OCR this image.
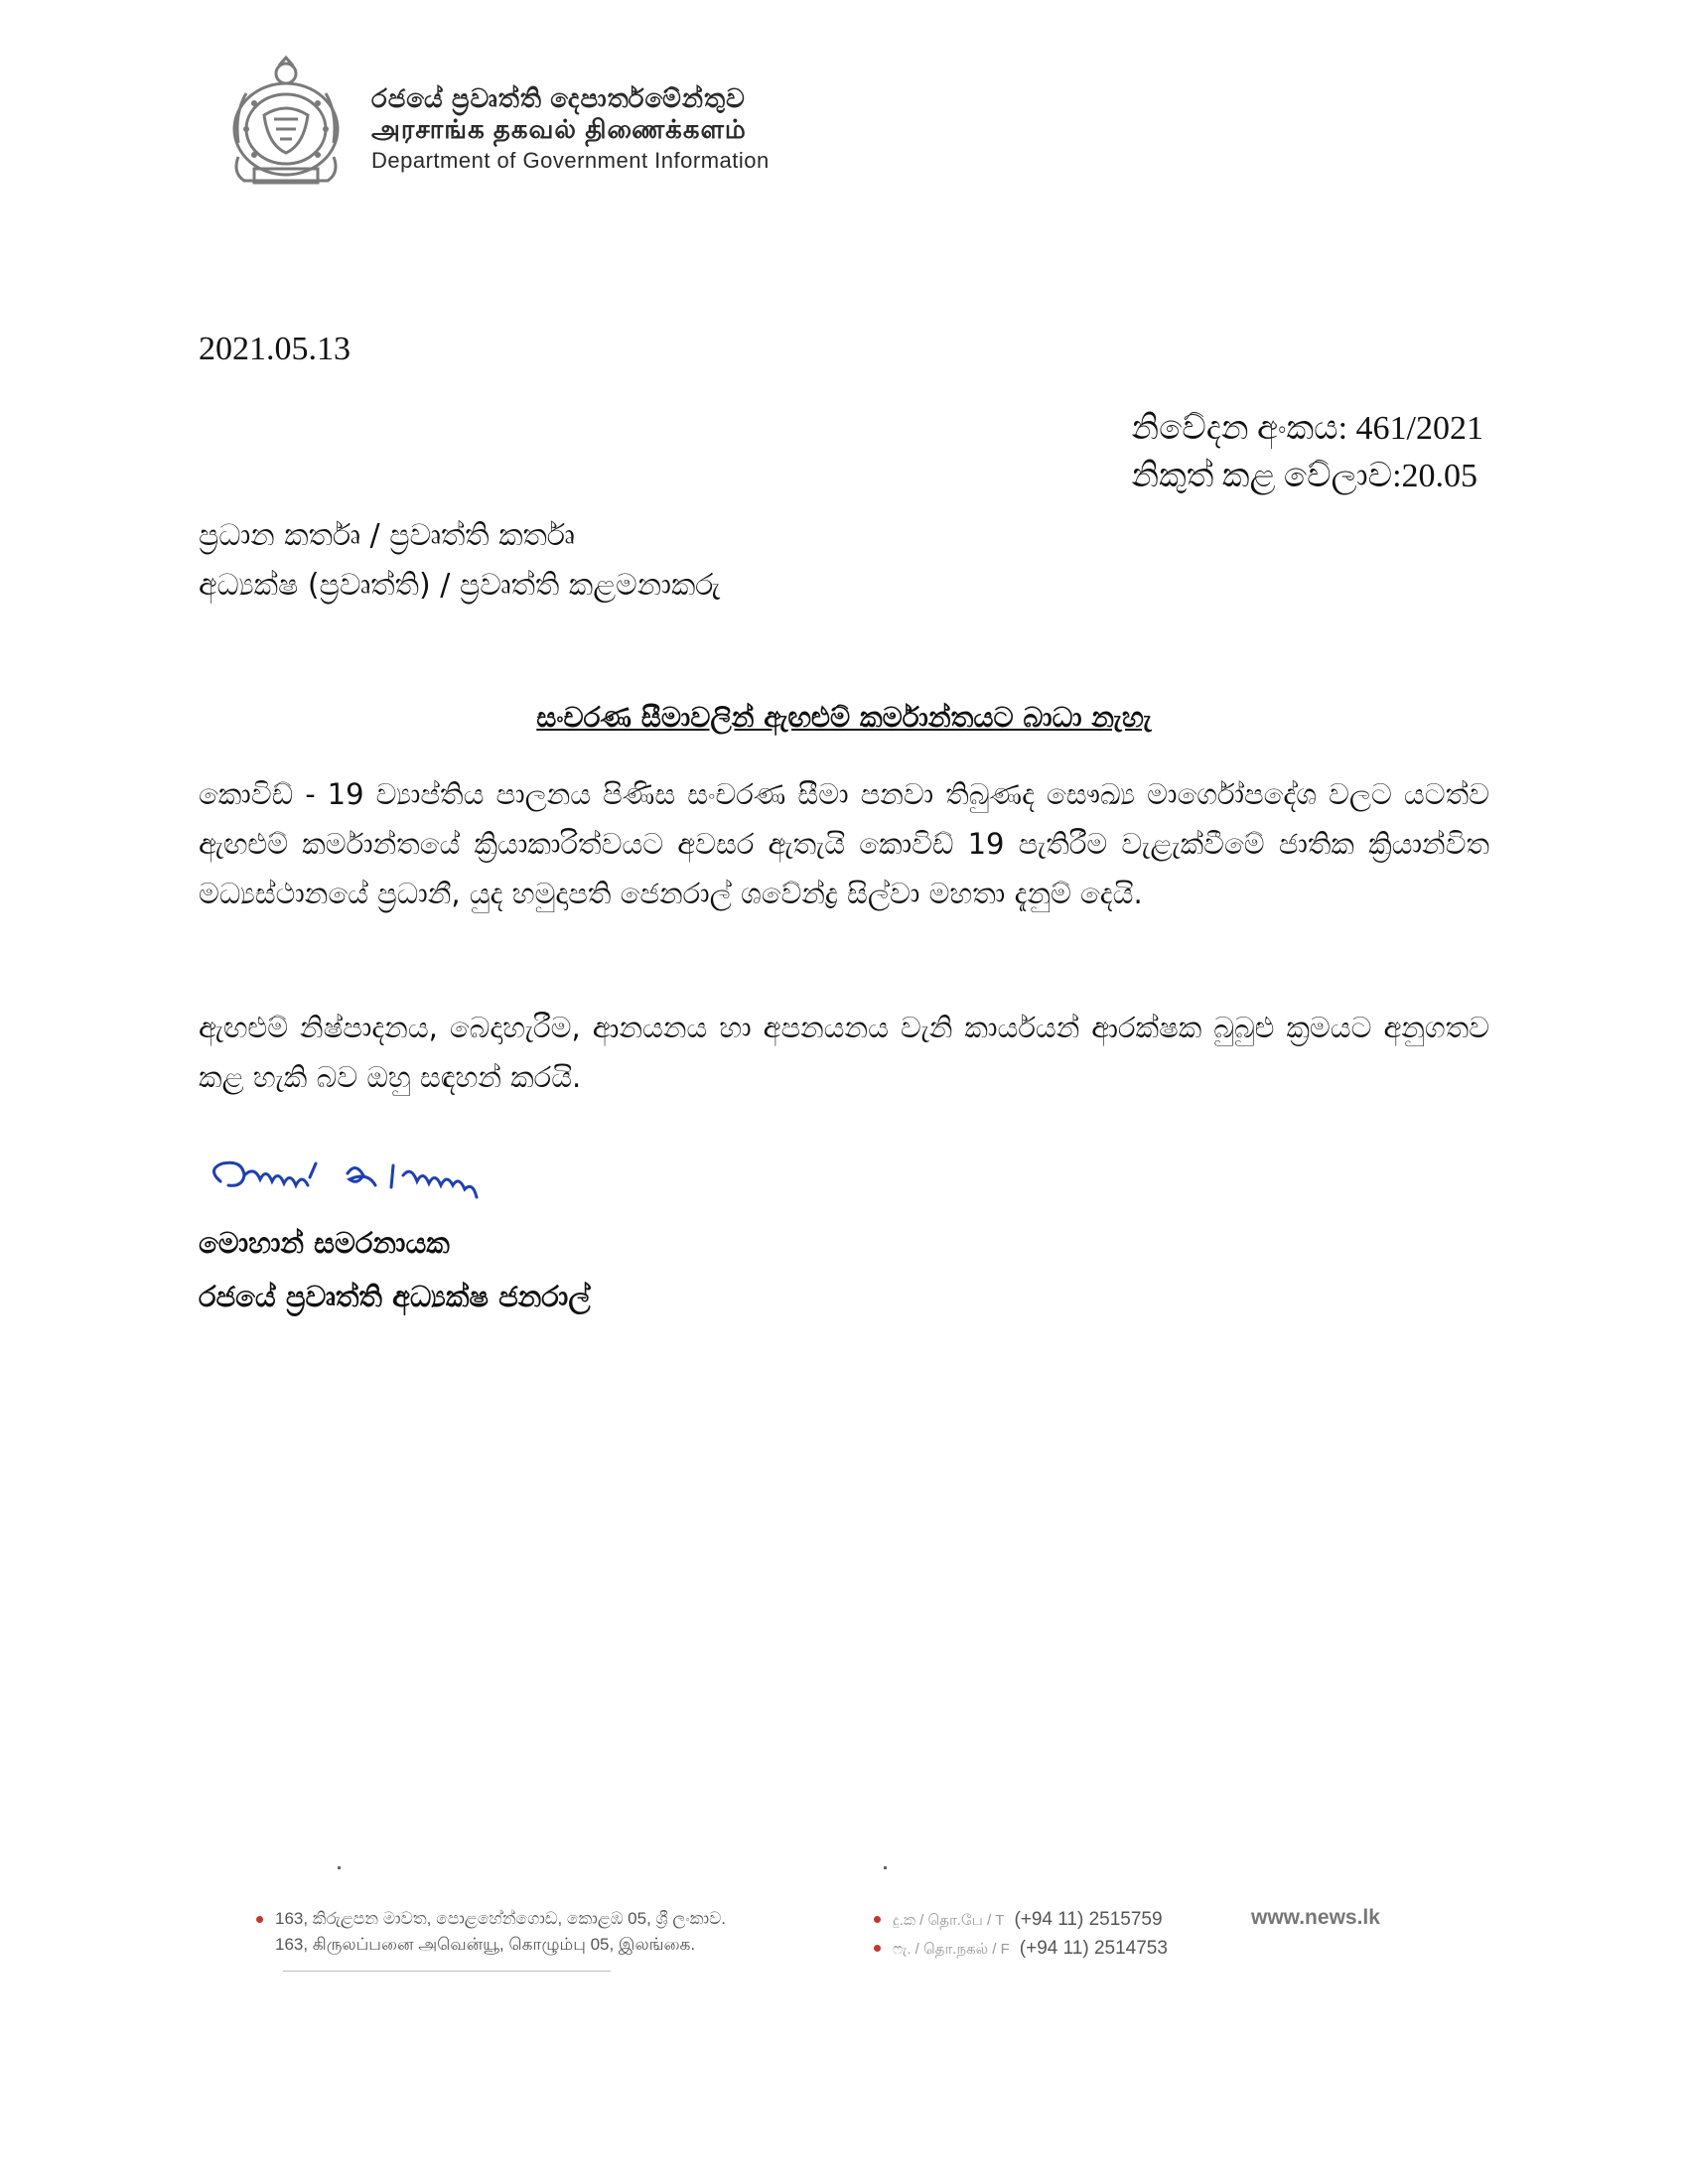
රජයේ ප්‍රවෘත්ති දෙපාර්තමේන්තුව
அரசாங்க தகவல் திணைக்களம்
Department of Government Information
2021.05.13
නිවේදන අංකය: 461/2021
නිකුත් කළ වේලාව:20.05
ප්‍රධාන කර්තෘ / ප්‍රවෘත්ති කර්තෘ
අධ්‍යක්ෂ (ප්‍රවෘත්ති) / ප්‍රවෘත්ති කළමනාකරු
සංචරණ සීමාවලින් ඇඟළුම් කර්මාන්තයට බාධා නැහැ
කොවිඩ් - 19 ව්‍යාප්තිය පාලනය පිණිස සංචරණ සීමා පනවා තිබුණද සෞඛ්‍ය මාර්ගෝපදේශ වලට යටත්ව ඇඟළුම් කර්මාන්තයේ ක්‍රියාකාරිත්වයට අවසර ඇතැයි කොවිඩ් 19 පැතිරීම වැළැක්වීමේ ජාතික ක්‍රියාන්විත මධ්‍යස්ථානයේ ප්‍රධානී, යුද හමුදාපති ජෙනරාල් ශවේන්ද්‍ර සිල්වා මහතා දැනුම් දෙයි.
ඇඟළුම් නිෂ්පාදනය, බෙදාහැරීම, ආනයනය හා අපනයනය වැනි කාර්යයන් ආරක්ෂක බුබුළු ක්‍රමයට අනුගතව කළ හැකි බව ඔහු සඳහන් කරයි.
මොහාන් සමරනායක
රජයේ ප්‍රවෘත්ති අධ්‍යක්ෂ ජනරාල්
163, කිරුළපන මාවත, පොළහේන්ගොඩ, කොළඹ 05, ශ්‍රී ලංකාව.
163, கிருலப்பனை அவென்யூ, கொழும்பு 05, இலங்கை.
දු.ක / தொ.பே / T (+94 11) 2515759
ෆැ. / தொ.நகல் / F (+94 11) 2514753
www.news.lk
